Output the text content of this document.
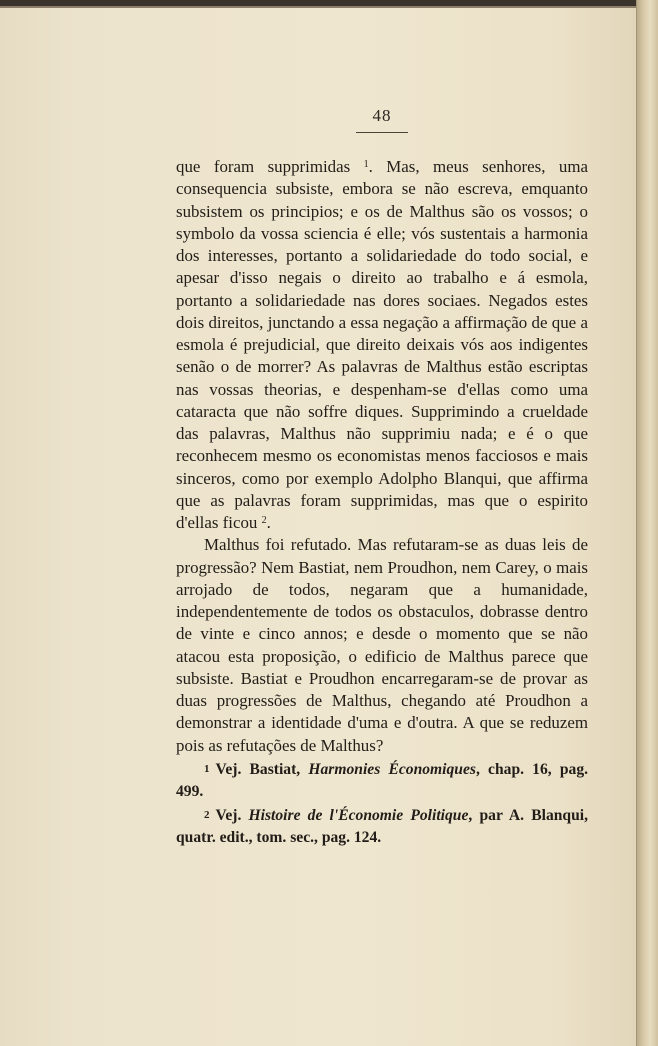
48

que foram supprimidas $^1$. Mas, meus senhores, uma consequencia subsiste, embora se não escreva, emquanto subsistem os principios; e os de Malthus são os vossos; o symbolo da vossa sciencia é elle; vós sustentais a harmonia dos interesses, portanto a solidariedade do todo social, e apesar d'isso negais o direito ao trabalho e á esmola, portanto a solidariedade nas dores sociaes. Negados estes dois direitos, junctando a essa negação a affirmação de que a esmola é prejudicial, que direito deixais vós aos indigentes senão o de morrer? As palavras de Malthus estão escriptas nas vossas theorias, e despenham-se d'ellas como uma cataracta que não soffre diques. Supprimindo a crueldade das palavras, Malthus não supprimiu nada; e é o que reconhecem mesmo os economistas menos facciosos e mais sinceros, como por exemplo Adolpho Blanqui, que affirma que as palavras foram supprimidas, mas que o espirito d'ellas ficou $^2$.

Malthus foi refutado. Mas refutaram-se as duas leis de progressão? Nem Bastiat, nem Proudhon, nem Carey, o mais arrojado de todos, negaram que a humanidade, independentemente de todos os obstaculos, dobrasse dentro de vinte e cinco annos; e desde o momento que se não atacou esta proposição, o edificio de Malthus parece que subsiste. Bastiat e Proudhon encarregaram-se de provar as duas progressões de Malthus, chegando até Proudhon a demonstrar a identidade d'uma e d'outra. A que se reduzem pois as refutações de Malthus?

1 Vej. Bastiat, Harmonies Économiques, chap. 16, pag. 499.

2 Vej. Histoire de l'Économie Politique, par A. Blanqui, quatr. edit., tom. sec., pag. 124.
